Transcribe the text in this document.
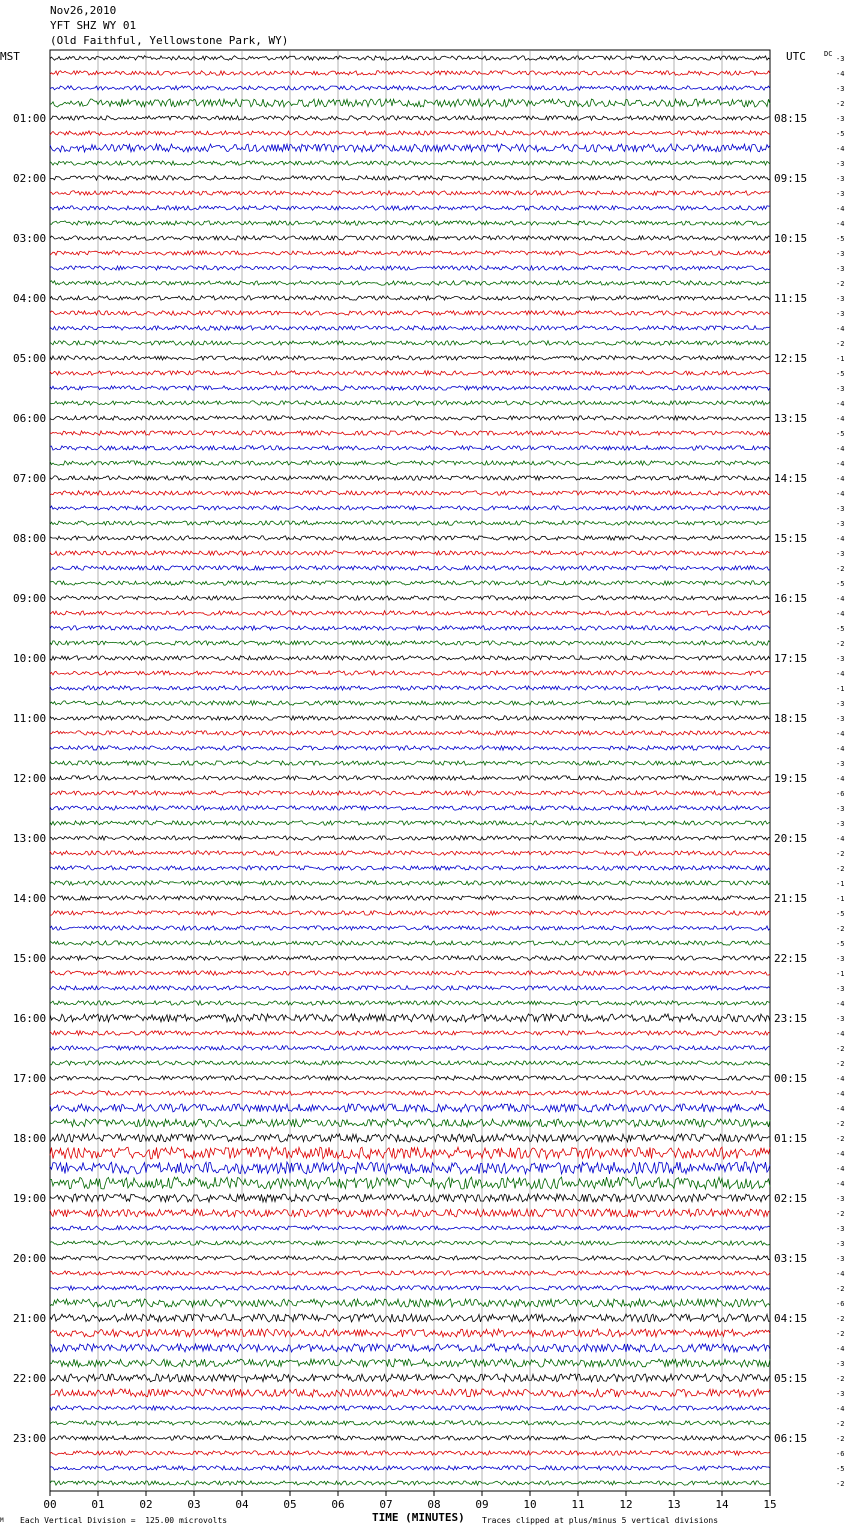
Nov26,2010
YFT SHZ WY 01
(Old Faithful, Yellowstone Park, WY)
MST	UTC	DC
-3
-4
-3
-2
-3
-5
-4
-3
-3
-3
-4
-4
-5
-3
-3
-2
-3
-3
-4
-2
-1
-5
-3
-4
-4
-5
-4
-4
-4
-4
-3
-3
-4
-3
-2
-5
-4
-4
-5
-2
-3
-4
-1
-3
-3
-4
-4
-3
-4
-6
-3
-3
-4
-2
-2
-1
-1
-5
-2
-5
-3
-1
-3
-4
-3
-4
-2
-2
-4
-4
-4
-2
-2
-4
-4
-4
-3
-2
-3
-3
-3
-4
-2
-6
-2
-2
-4
-3
-2
-3
-4
-2
-2
-6
-5
-2
01:00
02:00
03:00
04:00
05:00
06:00
07:00
08:00
09:00
10:00
11:00
12:00
13:00
14:00
15:00
16:00
17:00
18:00
19:00
20:00
21:00
22:00
23:00
08:15
09:15
10:15
11:15
12:15
13:15
14:15
15:15
16:15
17:15
18:15
19:15
20:15
21:15
22:15
23:15
00:15
01:15
02:15
03:15
04:15
05:15
06:15
00	01	02	03	04	05	06	07	08	09	10	11	12	13	14	15
M Each Vertical Division =  125.00 microvolts	TIME (MINUTES) Traces clipped at plus/minus 5 vertical divisions
